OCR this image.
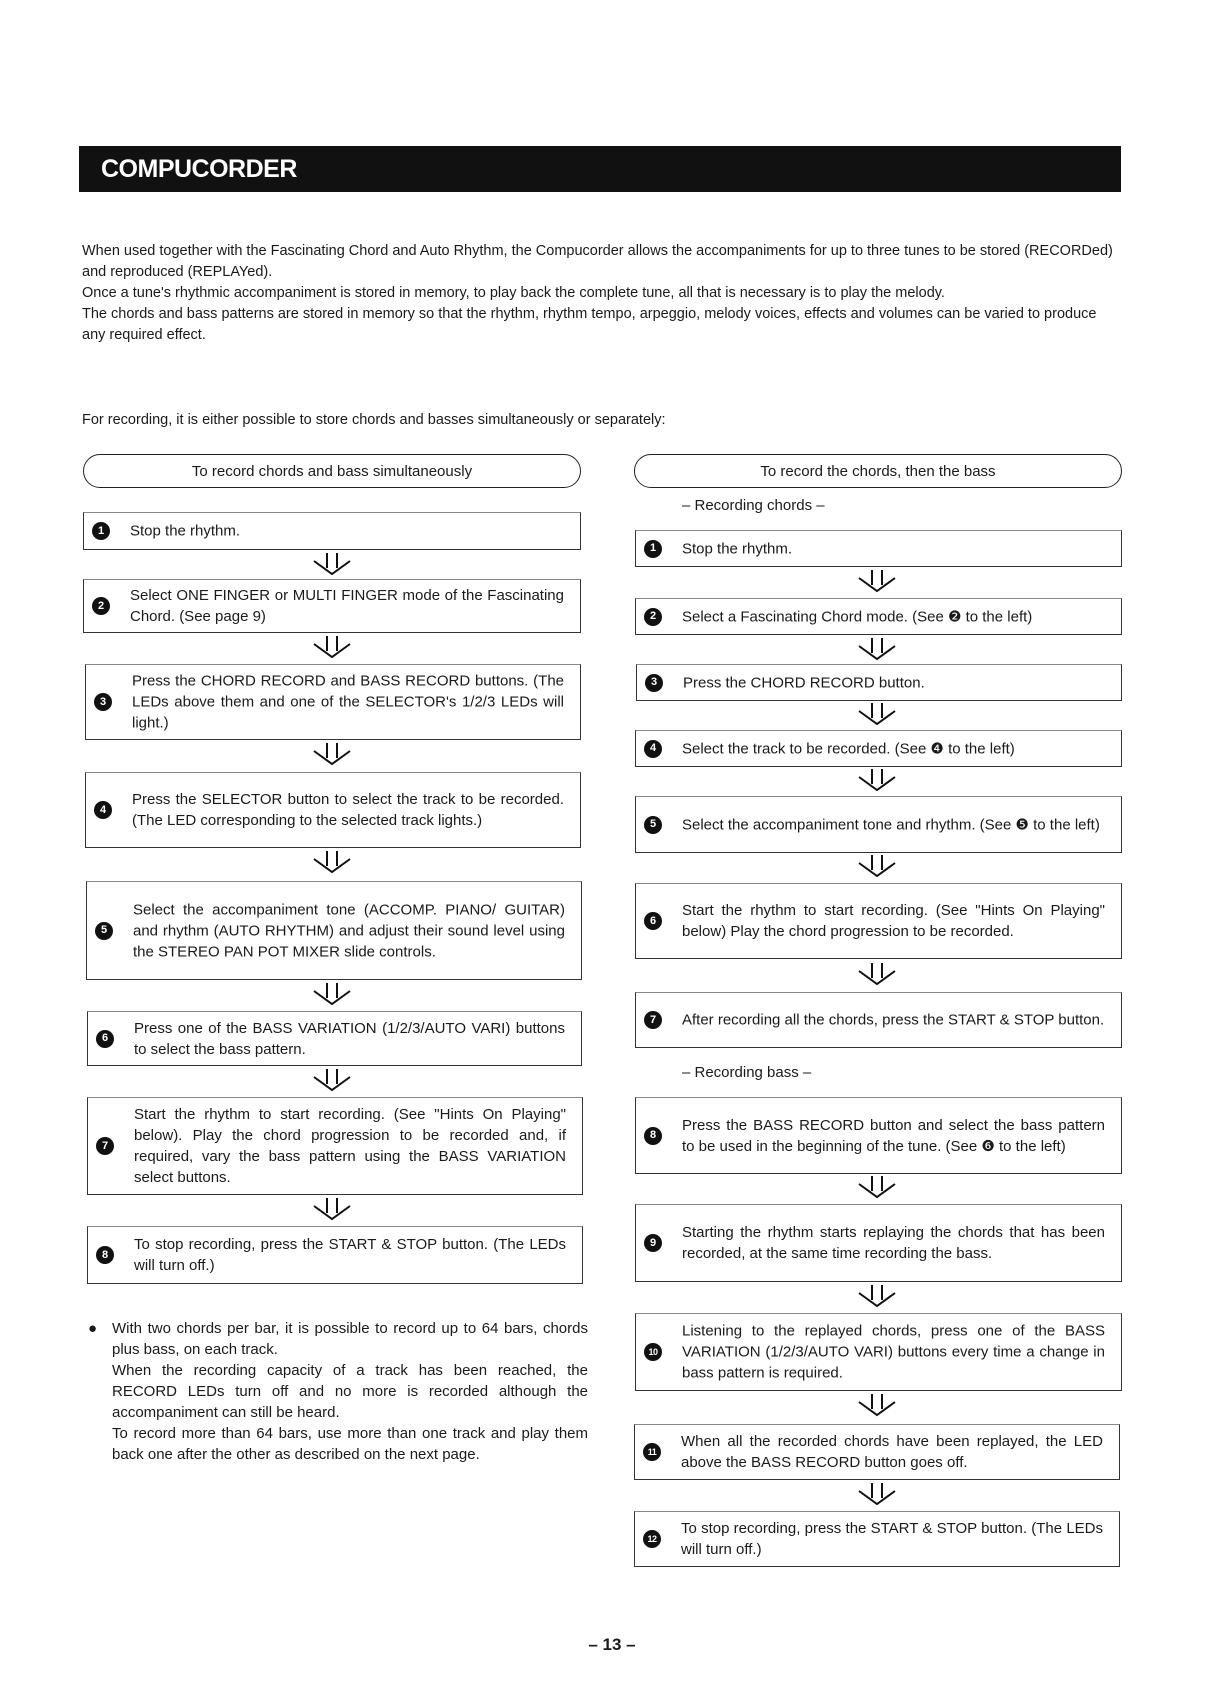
COMPUCORDER

When used together with the Fascinating Chord and Auto Rhythm, the Compucorder allows the accompaniments for up to three tunes to be stored (RECORDed) and reproduced (REPLAYed).

Once a tune's rhythmic accompaniment is stored in memory, to play back the complete tune, all that is necessary is to play the melody.

The chords and bass patterns are stored in memory so that the rhythm, rhythm tempo, arpeggio, melody voices, effects and volumes can be varied to produce any required effect.

For recording, it is either possible to store chords and basses simultaneously or separately:
To record chords and bass simultaneously
1	Stop the rhythm.
2
Select ONE FINGER or MULTI FINGER mode of the Fascinating Chord. (See page 9)
3
Press the CHORD RECORD and BASS RECORD buttons. (The LEDs above them and one of the SELECTOR's 1/2/3 LEDs will light.)
4
Press the SELECTOR button to select the track to be recorded. (The LED corresponding to the selected track lights.)
5
Select the accompaniment tone (ACCOMP. PIANO/ GUITAR) and rhythm (AUTO RHYTHM) and adjust their sound level using the STEREO PAN POT MIXER slide controls.
6
Press one of the BASS VARIATION (1/2/3/AUTO VARI) buttons to select the bass pattern.
7
Start the rhythm to start recording. (See "Hints On Playing" below). Play the chord progression to be recorded and, if required, vary the bass pattern using the BASS VARIATION select buttons.
8
To stop recording, press the START & STOP button. (The LEDs will turn off.)
● With two chords per bar, it is possible to record up to 64 bars, chords plus bass, on each track.

When the recording capacity of a track has been reached, the RECORD LEDs turn off and no more is recorded although the accompaniment can still be heard.

To record more than 64 bars, use more than one track and play them back one after the other as described on the next page.

To record the chords, then the bass
– Recording chords –
1	Stop the rhythm.
2	Select a Fascinating Chord mode. (See ❷ to the left)
3	Press the CHORD RECORD button.
4	Select the track to be recorded. (See ❹ to the left)
5	Select the accompaniment tone and rhythm. (See ❺ to the left)
6
Start the rhythm to start recording. (See "Hints On Playing" below) Play the chord progression to be recorded.
7	After recording all the chords, press the START & STOP button.
– Recording bass –
8
Press the BASS RECORD button and select the bass pattern to be used in the beginning of the tune. (See ❻ to the left)
9
Starting the rhythm starts replaying the chords that has been recorded, at the same time recording the bass.
10
Listening to the replayed chords, press one of the BASS VARIATION (1/2/3/AUTO VARI) buttons every time a change in bass pattern is required.
11
When all the recorded chords have been replayed, the LED above the BASS RECORD button goes off.
12
To stop recording, press the START & STOP button. (The LEDs will turn off.)
– 13 –
